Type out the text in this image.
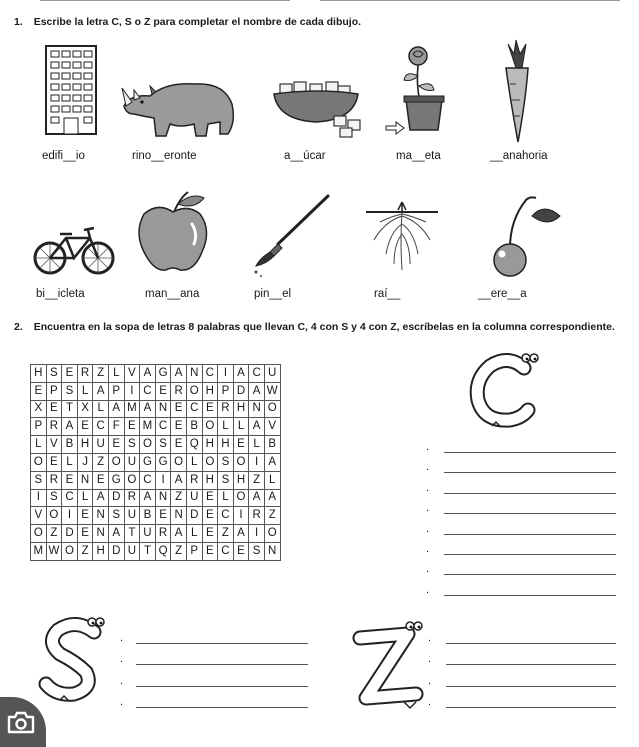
1. Escribe la letra C, S o Z para completar el nombre de cada dibujo.
edifi__io	rino__eronte	a__úcar	ma__eta	__anahoria
bi__icleta	man__ana	pin__el	raí__	__ere__a
2. Encuentra en la sopa de letras 8 palabras que llevan C, 4 con S y 4 con Z, escríbelas en la columna correspondiente.
H	S	E	R	Z	L	V	A	G	A	N	C	I	A	C	U
E	P	S	L	A	P	I	C	E	R	O	H	P	D	A	W
X	E	T	X	L	A	M	A	N	E	C	E	R	H	N	O
P	R	A	E	C	F	E	M	C	E	B	O	L	L	A	V
L	V	B	H	U	E	S	O	S	E	Q	H	H	E	L	B
O	E	L	J	Z	O	U	G	G	O	L	O	S	O	I	A
S	R	E	N	E	G	O	C	I	A	R	H	S	H	Z	L
I	S	C	L	A	D	R	A	N	Z	U	E	L	O	A	A
V	O	I	E	N	S	U	B	E	N	D	E	C	I	R	Z
O	Z	D	E	N	A	T	U	R	A	L	E	Z	A	I	O
M	W	O	Z	H	D	U	T	Q	Z	P	E	C	E	S	N
.
.
.
.
.
.
.
.
.
.
.
.
.
.
.
.
